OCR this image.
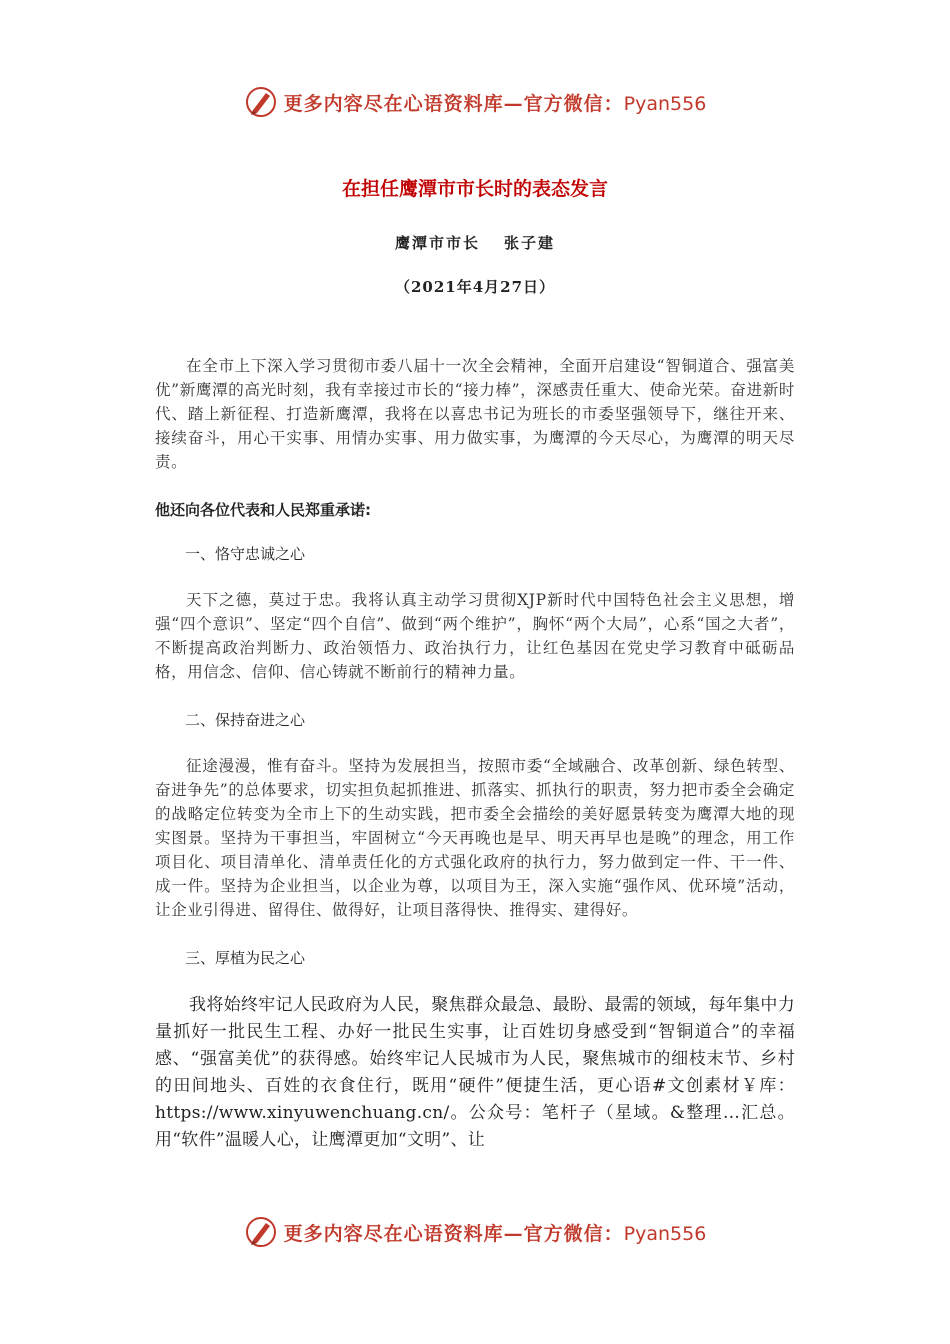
更多内容尽在心语资料库—官方微信：Pyan556
在担任鹰潭市市长时的表态发言
鹰潭市市长 张子建
（2021年4月27日）

在全市上下深入学习贯彻市委八届十一次全会精神，全面开启建设“智铜道合、强富美优”新鹰潭的高光时刻，我有幸接过市长的“接力棒”，深感责任重大、使命光荣。奋进新时代、踏上新征程、打造新鹰潭，我将在以喜忠书记为班长的市委坚强领导下，继往开来、接续奋斗，用心干实事、用情办实事、用力做实事，为鹰潭的今天尽心，为鹰潭的明天尽责。

他还向各位代表和人民郑重承诺:

一、恪守忠诚之心

天下之德，莫过于忠。我将认真主动学习贯彻XJP新时代中国特色社会主义思想，增强“四个意识”、坚定“四个自信”、做到“两个维护”，胸怀“两个大局”，心系“国之大者”，不断提高政治判断力、政治领悟力、政治执行力，让红色基因在党史学习教育中砥砺品格，用信念、信仰、信心铸就不断前行的精神力量。

二、保持奋进之心

征途漫漫，惟有奋斗。坚持为发展担当，按照市委“全域融合、改革创新、绿色转型、奋进争先”的总体要求，切实担负起抓推进、抓落实、抓执行的职责，努力把市委全会确定的战略定位转变为全市上下的生动实践，把市委全会描绘的美好愿景转变为鹰潭大地的现实图景。坚持为干事担当，牢固树立“今天再晚也是早、明天再早也是晚”的理念，用工作项目化、项目清单化、清单责任化的方式强化政府的执行力，努力做到定一件、干一件、成一件。坚持为企业担当，以企业为尊，以项目为王，深入实施“强作风、优环境”活动，让企业引得进、留得住、做得好，让项目落得快、推得实、建得好。

三、厚植为民之心

我将始终牢记人民政府为人民，聚焦群众最急、最盼、最需的领域，每年集中力量抓好一批民生工程、办好一批民生实事，让百姓切身感受到“智铜道合”的幸福感、“强富美优”的获得感。始终牢记人民城市为人民，聚焦城市的细枝末节、乡村的田间地头、百姓的衣食住行，既用“硬件”便捷生活，更心语#文创素材￥库：https://www.xinyuwenchuang.cn/。公众号：笔杆子（星域。&整理…汇总。用“软件”温暖人心，让鹰潭更加“文明”、让

更多内容尽在心语资料库—官方微信：Pyan556
